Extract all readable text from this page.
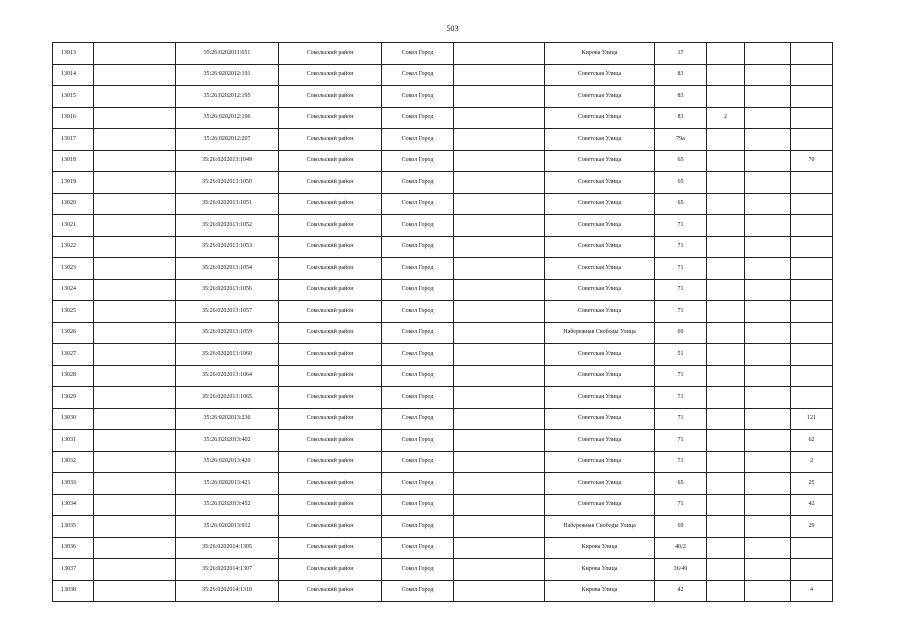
503
13013		35:26:0202011:651	Сокольский район	Сокол Город		Кирова Улица	17			
13014		35:26:0202012:191	Сокольский район	Сокол Город		Советская Улица	83			
13015		35:26:0202012:195	Сокольский район	Сокол Город		Советская Улица	83			
13016		35:26:0202012:196	Сокольский район	Сокол Город		Советская Улица	83	2		
13017		35:26:0202012:207	Сокольский район	Сокол Город		Советская Улица	79а			
13018		35:26:0202013:1049	Сокольский район	Сокол Город		Советская Улица	65			70
13019		35:26:0202013:1050	Сокольский район	Сокол Город		Советская Улица	65			
13020		35:26:0202013:1051	Сокольский район	Сокол Город		Советская Улица	65			
13021		35:26:0202013:1052	Сокольский район	Сокол Город		Советская Улица	71			
13022		35:26:0202013:1053	Сокольский район	Сокол Город		Советская Улица	71			
13023		35:26:0202013:1054	Сокольский район	Сокол Город		Советская Улица	71			
13024		35:26:0202013:1056	Сокольский район	Сокол Город		Советская Улица	71			
13025		35:26:0202013:1057	Сокольский район	Сокол Город		Советская Улица	71			
13026		35:26:0202013:1059	Сокольский район	Сокол Город		Набережная Свободы Улица	69			
13027		35:26:0202013:1060	Сокольский район	Сокол Город		Советская Улица	51			
13028		35:26:0202013:1064	Сокольский район	Сокол Город		Советская Улица	71			
13029		35:26:0202013:1065	Сокольский район	Сокол Город		Советская Улица	71			
13030		35:26:0202013:236	Сокольский район	Сокол Город		Советская Улица	71			121
13031		35:26:0202013:402	Сокольский район	Сокол Город		Советская Улица	71			62
13032		35:26:0202013:420	Сокольский район	Сокол Город		Советская Улица	71			2
13033		35:26:0202013:421	Сокольский район	Сокол Город		Советская Улица	65			25
13034		35:26:0202013:452	Сокольский район	Сокол Город		Советская Улица	71			42
13035		35:26:0202013:912	Сокольский район	Сокол Город		Набережная Свободы Улица	69			29
13036		35:26:0202014:1305	Сокольский район	Сокол Город		Кирова Улица	40/2			
13037		35:26:0202014:1307	Сокольский район	Сокол Город		Кирова Улица	36/49			
13038		35:26:0202014:1310	Сокольский район	Сокол Город		Кирова Улица	42			4
